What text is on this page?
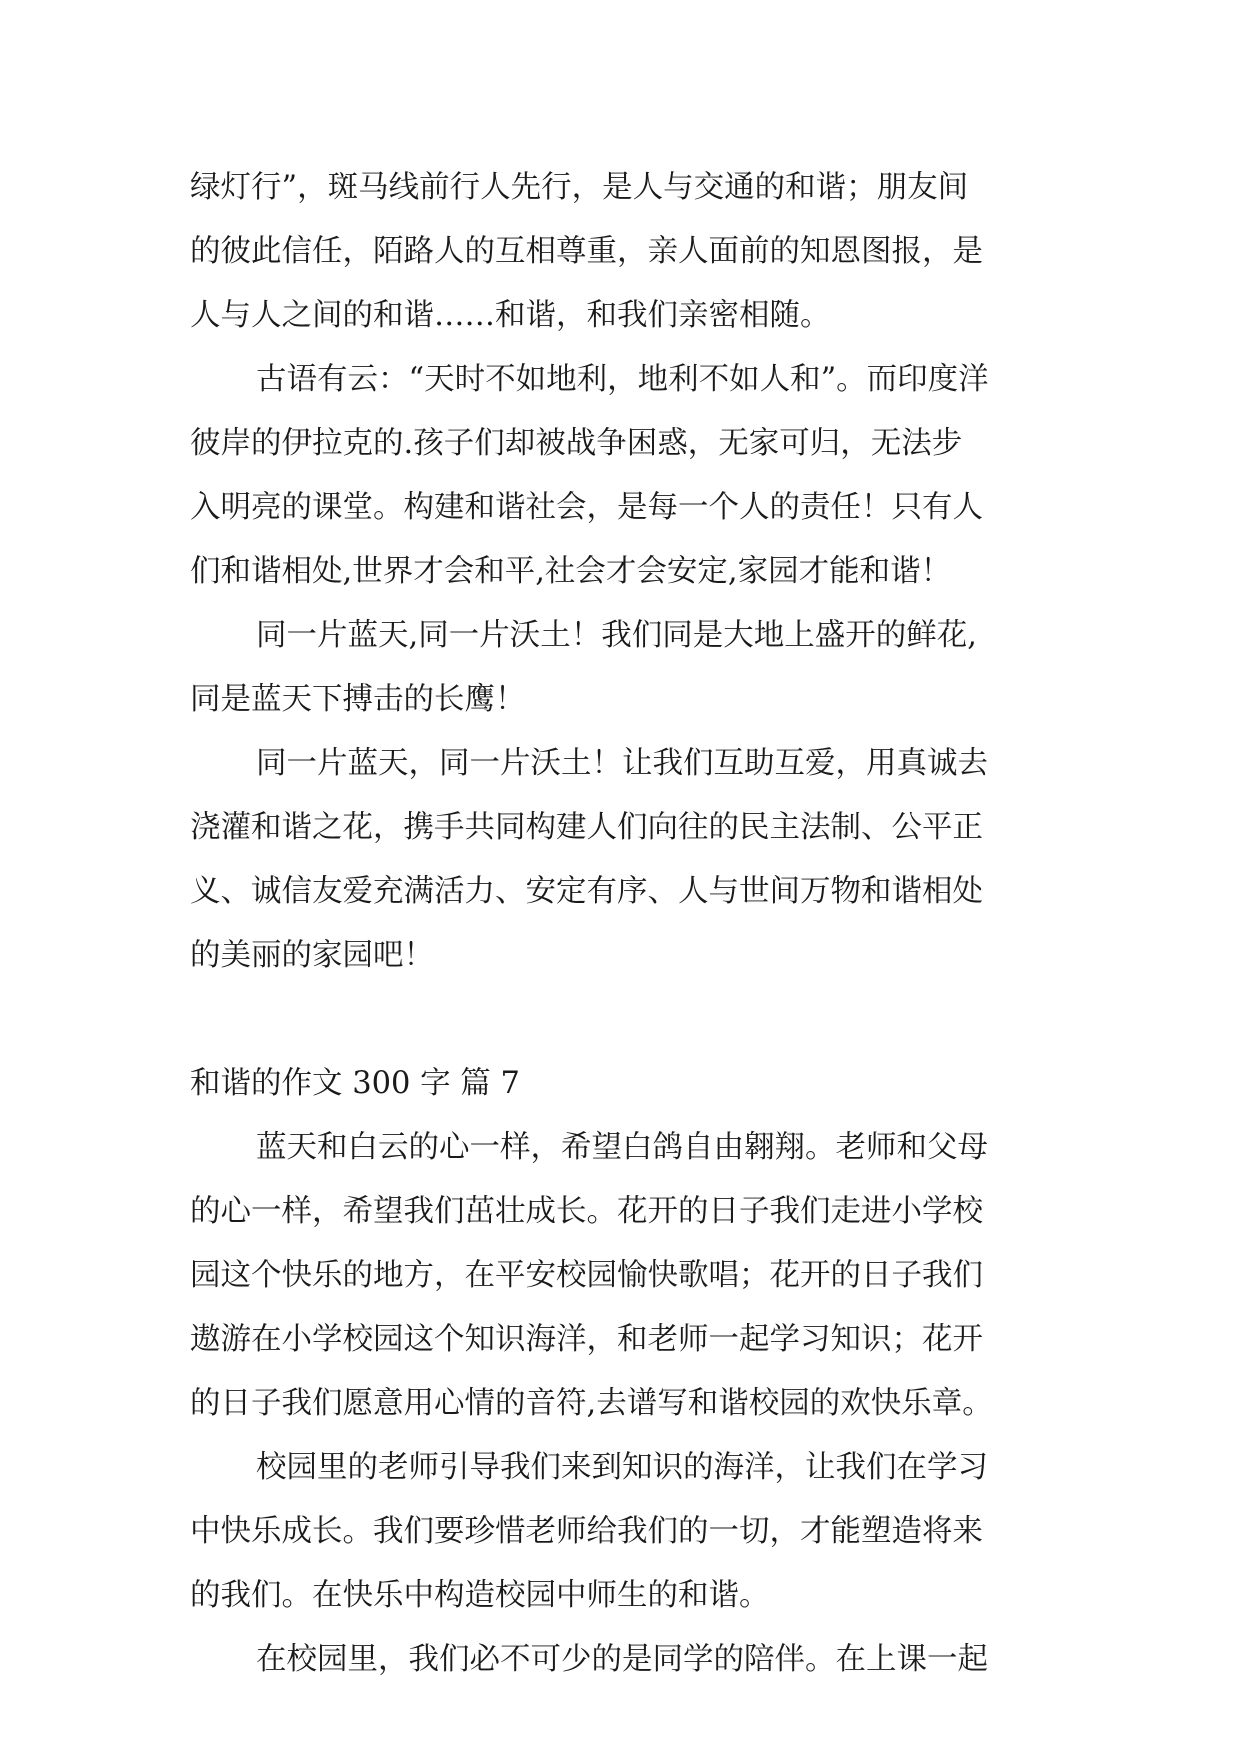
绿灯行”，斑马线前行人先行，是人与交通的和谐；朋友间
的彼此信任，陌路人的互相尊重，亲人面前的知恩图报，是
人与人之间的和谐……和谐，和我们亲密相随。
古语有云：“天时不如地利，地利不如人和”。而印度洋
彼岸的伊拉克的.孩子们却被战争困惑，无家可归，无法步
入明亮的课堂。构建和谐社会，是每一个人的责任！只有人
们和谐相处,世界才会和平,社会才会安定,家园才能和谐！
同一片蓝天,同一片沃土！我们同是大地上盛开的鲜花,
同是蓝天下搏击的长鹰！
同一片蓝天，同一片沃土！让我们互助互爱，用真诚去
浇灌和谐之花，携手共同构建人们向往的民主法制、公平正
义、诚信友爱充满活力、安定有序、人与世间万物和谐相处
的美丽的家园吧！
和谐的作文 300 字 篇 7
蓝天和白云的心一样，希望白鸽自由翱翔。老师和父母
的心一样，希望我们茁壮成长。花开的日子我们走进小学校
园这个快乐的地方，在平安校园愉快歌唱；花开的日子我们
遨游在小学校园这个知识海洋，和老师一起学习知识；花开
的日子我们愿意用心情的音符,去谱写和谐校园的欢快乐章。
校园里的老师引导我们来到知识的海洋，让我们在学习
中快乐成长。我们要珍惜老师给我们的一切，才能塑造将来
的我们。在快乐中构造校园中师生的和谐。
在校园里，我们必不可少的是同学的陪伴。在上课一起
